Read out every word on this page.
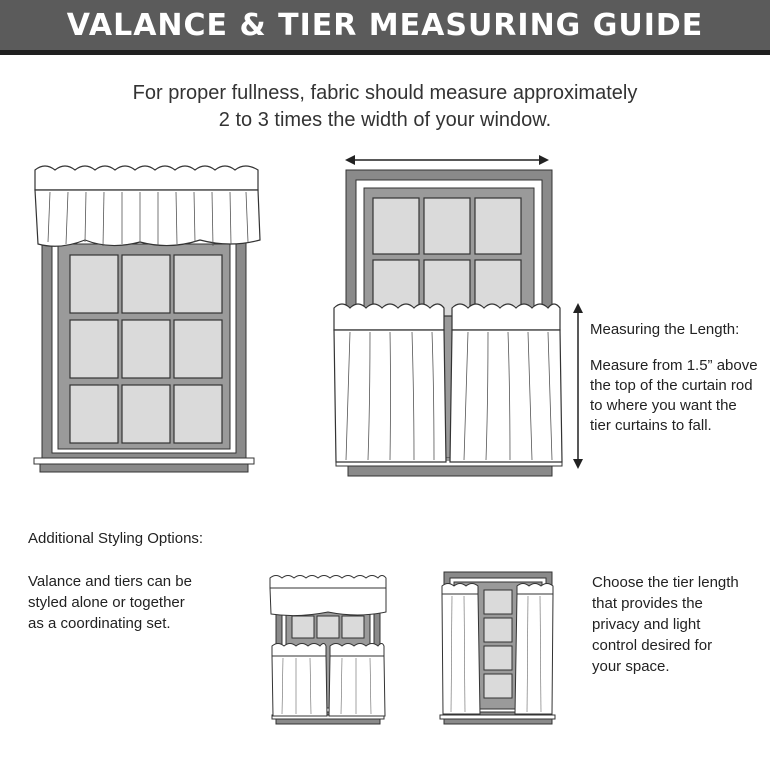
VALANCE & TIER MEASURING GUIDE
For proper fullness, fabric should measure approximately
2 to 3 times the width of your window.
Measuring the Length:
Measure from 1.5” above
the top of the curtain rod
to where you want the
tier curtains to fall.
Additional Styling Options:
Valance and tiers can be
styled alone or together
as a coordinating set.
Choose the tier length
that provides the
privacy and light
control desired for
your space.
